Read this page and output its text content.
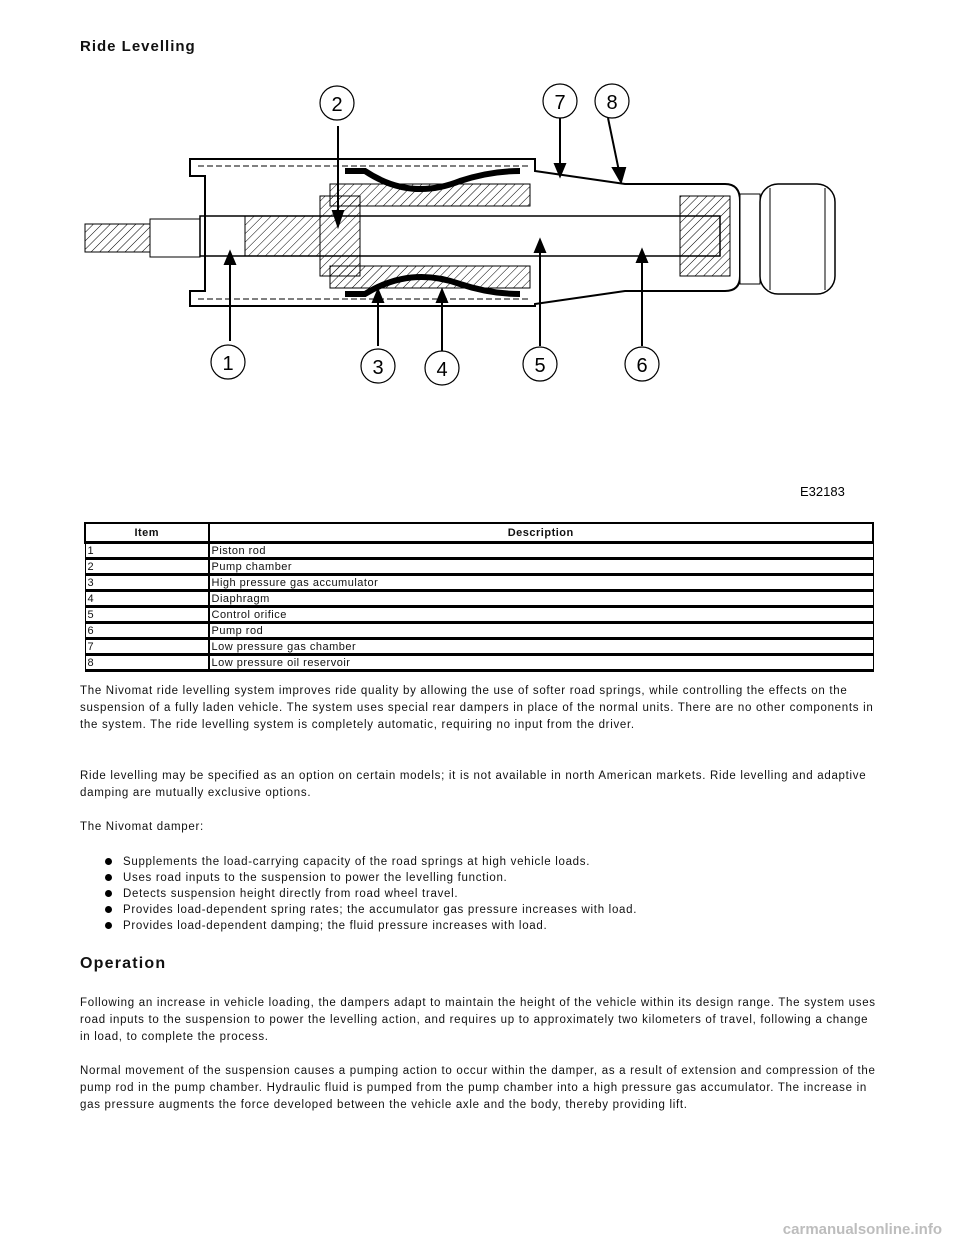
Ride Levelling
1
2
3	4	5	6
7 8
E32183
Item	Description
1	Piston rod
2	Pump chamber
3	High pressure gas accumulator
4	Diaphragm
5	Control orifice
6	Pump rod
7	Low pressure gas chamber
8	Low pressure oil reservoir

The Nivomat ride levelling system improves ride quality by allowing the use of softer road springs, while controlling the effects on the suspension of a fully laden vehicle. The system uses special rear dampers in place of the normal units. There are no other components in the system. The ride levelling system is completely automatic, requiring no input from the driver.

Ride levelling may be specified as an option on certain models; it is not available in north American markets. Ride levelling and adaptive damping are mutually exclusive options.

The Nivomat damper:

Supplements the load-carrying capacity of the road springs at high vehicle loads.
Uses road inputs to the suspension to power the levelling function.
Detects suspension height directly from road wheel travel.
Provides load-dependent spring rates; the accumulator gas pressure increases with load.
Provides load-dependent damping; the fluid pressure increases with load.
Operation

Following an increase in vehicle loading, the dampers adapt to maintain the height of the vehicle within its design range. The system uses road inputs to the suspension to power the levelling action, and requires up to approximately two kilometers of travel, following a change in load, to complete the process.

Normal movement of the suspension causes a pumping action to occur within the damper, as a result of extension and compression of the pump rod in the pump chamber. Hydraulic fluid is pumped from the pump chamber into a high pressure gas accumulator. The increase in gas pressure augments the force developed between the vehicle axle and the body, thereby providing lift.

carmanualsonline.info
